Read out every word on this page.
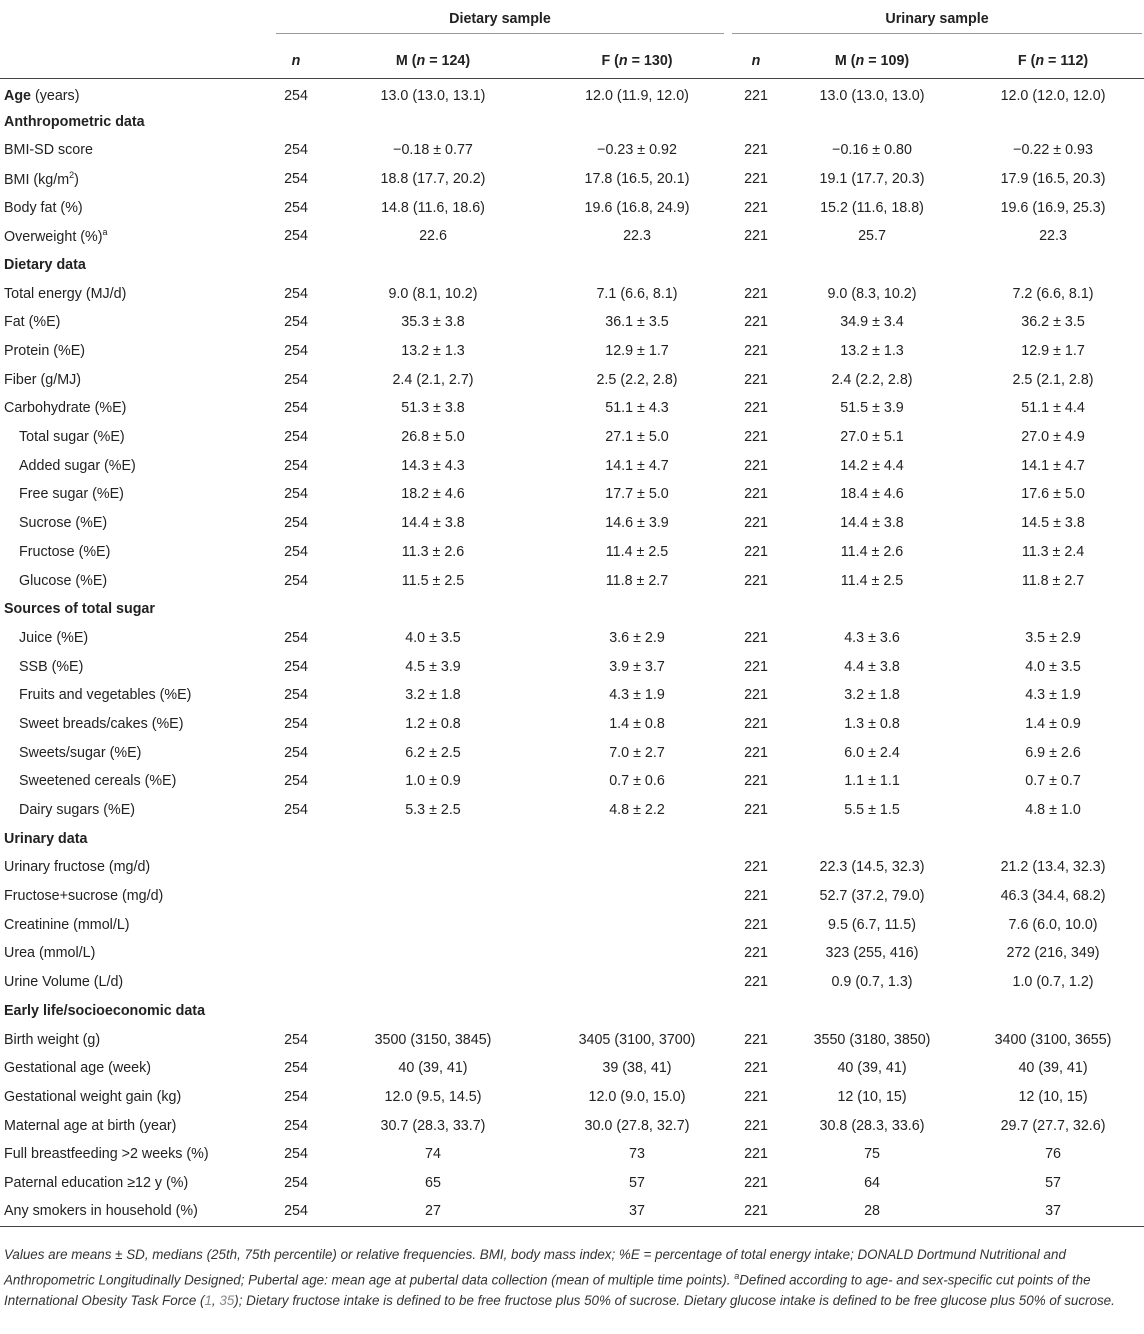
	Dietary sample			Urinary sample		
	n	M (n = 124)	F (n = 130)	n	M (n = 109)	F (n = 112)
Age (years)	254	13.0 (13.0, 13.1)	12.0 (11.9, 12.0)	221	13.0 (13.0, 13.0)	12.0 (12.0, 12.0)
Anthropometric data						
BMI-SD score	254	−0.18 ± 0.77	−0.23 ± 0.92	221	−0.16 ± 0.80	−0.22 ± 0.93
BMI $(kg/m^2)$	254	18.8 (17.7, 20.2)	17.8 (16.5, 20.1)	221	19.1 (17.7, 20.3)	17.9 (16.5, 20.3)
Body fat (%)	254	14.8 (11.6, 18.6)	19.6 (16.8, 24.9)	221	15.2 (11.6, 18.8)	19.6 (16.9, 25.3)
Overweight (%)$^a$	254	22.6	22.3	221	25.7	22.3
Dietary data						
Total energy (MJ/d)	254	9.0 (8.1, 10.2)	7.1 (6.6, 8.1)	221	9.0 (8.3, 10.2)	7.2 (6.6, 8.1)
Fat (%E)	254	35.3 ± 3.8	36.1 ± 3.5	221	34.9 ± 3.4	36.2 ± 3.5
Protein (%E)	254	13.2 ± 1.3	12.9 ± 1.7	221	13.2 ± 1.3	12.9 ± 1.7
Fiber (g/MJ)	254	2.4 (2.1, 2.7)	2.5 (2.2, 2.8)	221	2.4 (2.2, 2.8)	2.5 (2.1, 2.8)
Carbohydrate (%E)	254	51.3 ± 3.8	51.1 ± 4.3	221	51.5 ± 3.9	51.1 ± 4.4
Total sugar (%E)	254	26.8 ± 5.0	27.1 ± 5.0	221	27.0 ± 5.1	27.0 ± 4.9
Added sugar (%E)	254	14.3 ± 4.3	14.1 ± 4.7	221	14.2 ± 4.4	14.1 ± 4.7
Free sugar (%E)	254	18.2 ± 4.6	17.7 ± 5.0	221	18.4 ± 4.6	17.6 ± 5.0
Sucrose (%E)	254	14.4 ± 3.8	14.6 ± 3.9	221	14.4 ± 3.8	14.5 ± 3.8
Fructose (%E)	254	11.3 ± 2.6	11.4 ± 2.5	221	11.4 ± 2.6	11.3 ± 2.4
Glucose (%E)	254	11.5 ± 2.5	11.8 ± 2.7	221	11.4 ± 2.5	11.8 ± 2.7
Sources of total sugar						
Juice (%E)	254	4.0 ± 3.5	3.6 ± 2.9	221	4.3 ± 3.6	3.5 ± 2.9
SSB (%E)	254	4.5 ± 3.9	3.9 ± 3.7	221	4.4 ± 3.8	4.0 ± 3.5
Fruits and vegetables (%E)	254	3.2 ± 1.8	4.3 ± 1.9	221	3.2 ± 1.8	4.3 ± 1.9
Sweet breads/cakes (%E)	254	1.2 ± 0.8	1.4 ± 0.8	221	1.3 ± 0.8	1.4 ± 0.9
Sweets/sugar (%E)	254	6.2 ± 2.5	7.0 ± 2.7	221	6.0 ± 2.4	6.9 ± 2.6
Sweetened cereals (%E)	254	1.0 ± 0.9	0.7 ± 0.6	221	1.1 ± 1.1	0.7 ± 0.7
Dairy sugars (%E)	254	5.3 ± 2.5	4.8 ± 2.2	221	5.5 ± 1.5	4.8 ± 1.0
Urinary data						
Urinary fructose (mg/d)				221	22.3 (14.5, 32.3)	21.2 (13.4, 32.3)
Fructose+sucrose (mg/d)				221	52.7 (37.2, 79.0)	46.3 (34.4, 68.2)
Creatinine (mmol/L)				221	9.5 (6.7, 11.5)	7.6 (6.0, 10.0)
Urea (mmol/L)				221	323 (255, 416)	272 (216, 349)
Urine Volume (L/d)				221	0.9 (0.7, 1.3)	1.0 (0.7, 1.2)
Early life/socioeconomic data						
Birth weight (g)	254	3500 (3150, 3845)	3405 (3100, 3700)	221	3550 (3180, 3850)	3400 (3100, 3655)
Gestational age (week)	254	40 (39, 41)	39 (38, 41)	221	40 (39, 41)	40 (39, 41)
Gestational weight gain (kg)	254	12.0 (9.5, 14.5)	12.0 (9.0, 15.0)	221	12 (10, 15)	12 (10, 15)
Maternal age at birth (year)	254	30.7 (28.3, 33.7)	30.0 (27.8, 32.7)	221	30.8 (28.3, 33.6)	29.7 (27.7, 32.6)
Full breastfeeding >2 weeks (%)	254	74	73	221	75	76
Paternal education ≥12 y (%)	254	65	57	221	64	57
Any smokers in household (%)	254	27	37	221	28	37
Values are means ± SD, medians (25th, 75th percentile) or relative frequencies. BMI, body mass index; %E = percentage of total energy intake; DONALD Dortmund Nutritional and Anthropometric Longitudinally Designed; Pubertal age: mean age at pubertal data collection (mean of multiple time points). $^a$Defined according to age- and sex-specific cut points of the International Obesity Task Force (1, 35); Dietary fructose intake is defined to be free fructose plus 50% of sucrose. Dietary glucose intake is defined to be free glucose plus 50% of sucrose.
